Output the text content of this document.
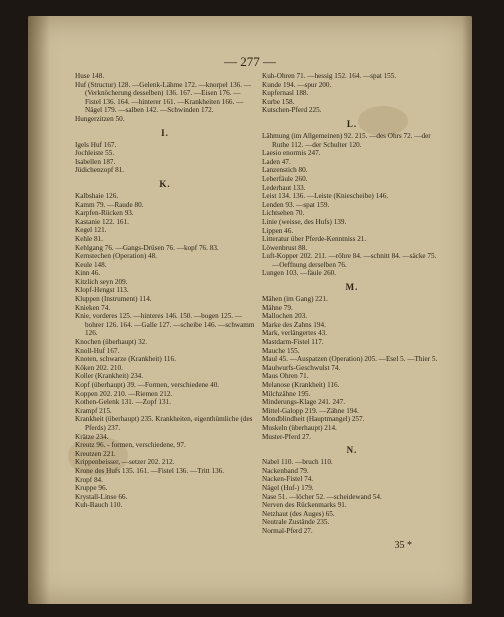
— 277 —
Huse 148.
Huf (Structur) 128. —Gelenk-Lähme 172. —knorpel 136. —(Verknöcherung desselben) 136. 167. —Eisen 176. —Fistel 136. 164. —hinterer 161. —Krankheiten 166. —Nägel 179. —salben 142. —Schwinden 172.
Hungerzitzen 50.
I.
Igels Huf 167.
Jochleiste 55.
Isabellen 187.
Jüdichenzopf 81.
K.
Kalbshaie 126.
Kamm 79. —Raude 80.
Karpfen-Rücken 93.
Kastanie 122. 161.
Kegel 121.
Kehle 81.
Kehlgang 76. —Gangs-Drüsen 76. —kopf 76. 83.
Kernstechen (Operation) 48.
Keule 148.
Kinn 46.
Kitzlich seyn 209.
Klopf-Hengst 113.
Kluppen (Instrument) 114.
Knieken 74.
Knie, vorderes 125. —hinteres 146. 150. —bogen 125. —bohrer 126. 164. —Galle 127. —scheibe 146. —schwamm 126.
Knochen (überhaupt) 32.
Knoll-Huf 167.
Knoten, schwarze (Krankheit) 116.
Köken 202. 210.
Koller (Krankheit) 234.
Kopf (überhaupt) 39. —Formen, verschiedene 40.
Koppen 202. 210. —Riemen 212.
Kothen-Gelenk 131. —Zopf 131.
Krampf 215.
Krankheit (überhaupt) 235. Krankheiten, eigenthümliche (des Pferds) 237.
Krätze 234.
Kreutz 96. - formen, verschiedene, 97.
Kreutzen 221.
Krippenbeisser, —setzer 202. 212.
Krone des Hufs 135. 161. —Fistel 136. —Tritt 136.
Kropf 84.
Kruppe 96.
Krystall-Linse 66.
Kuh-Bauch 110.
Kuh-Ohren 71. —hessig 152. 164. —spat 155.
Kunde 194. —spur 200.
Kupfernasl 188.
Kurbe 158.
Kutschen-Pferd 225.
L.
Lähmung (im Allgemeinen) 92. 215. —des Ohrs 72. —der Ruthe 112. —der Schulter 120.
Laesio enormis 247.
Laden 47.
Lanzenstich 80.
Leberfäule 260.
Lederhaut 133.
Leist 134. 136. —Leiste (Kniescheibe) 146.
Lenden 93. —spat 159.
Lichtsehen 70.
Linie (weisse, des Hufs) 139.
Lippen 46.
Litteratur über Pferde-Kenntniss 21.
Löwenbrust 88.
Luft-Kopper 202. 211. —röhre 84. —schnitt 84. —säcke 75. —Oeffnung derselben 76.
Lungen 103. —fäule 260.
M.
Mähen (im Gang) 221.
Mähne 79.
Mallochen 203.
Marke des Zahns 194.
Mark, verlängertes 43.
Mastdarm-Fistel 117.
Mauche 155.
Maul 45. —Auspatzen (Operation) 205. —Esel 5. —Thier 5.
Maulwurfs-Geschwulst 74.
Maus Ohren 71.
Melanose (Krankheit) 116.
Milchzähne 195.
Minderungs-Klage 241. 247.
Mittel-Galopp 219. —Zähne 194.
Mondblindheit (Hauptmangel) 257.
Muskeln (überhaupt) 214.
Muster-Pferd 27.
N.
Nabel 110. —bruch 110.
Nackenband 79.
Nacken-Fistel 74.
Nägel (Huf-) 179.
Nase 51. —löcher 52. —scheidewand 54.
Nerven des Rückenmarks 91.
Netzhaut (des Auges) 65.
Neutrale Zustände 235.
Normal-Pferd 27.
35 *
